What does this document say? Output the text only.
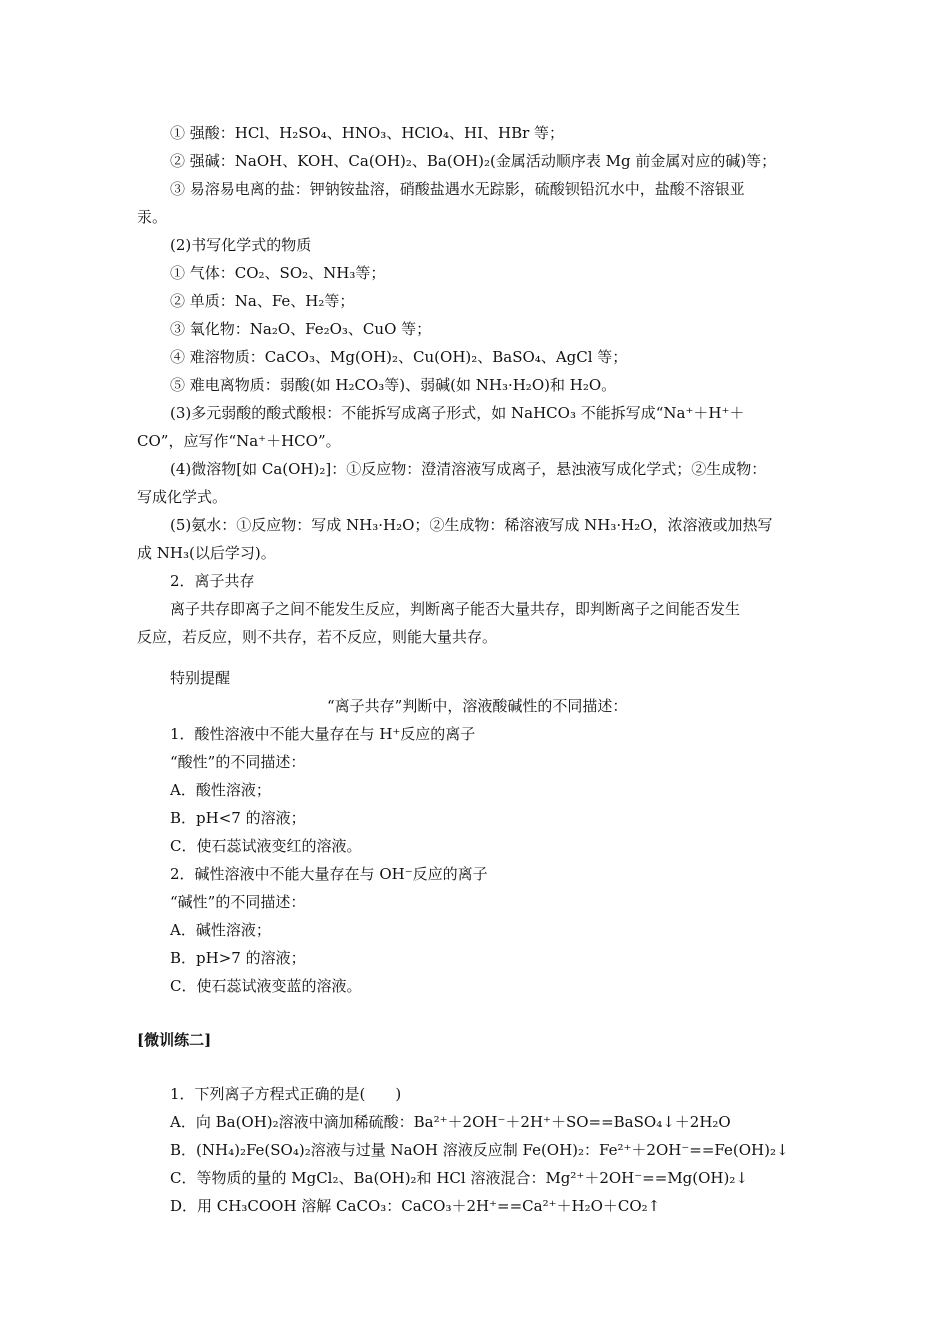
① 强酸：HCl、H₂SO₄、HNO₃、HClO₄、HI、HBr 等；
② 强碱：NaOH、KOH、Ca(OH)₂、Ba(OH)₂(金属活动顺序表 Mg 前金属对应的碱)等；
③ 易溶易电离的盐：钾钠铵盐溶，硝酸盐遇水无踪影，硫酸钡铅沉水中，盐酸不溶银亚
汞。
(2)书写化学式的物质
① 气体：CO₂、SO₂、NH₃等；
② 单质：Na、Fe、H₂等；
③ 氧化物：Na₂O、Fe₂O₃、CuO 等；
④ 难溶物质：CaCO₃、Mg(OH)₂、Cu(OH)₂、BaSO₄、AgCl 等；
⑤ 难电离物质：弱酸(如 H₂CO₃等)、弱碱(如 NH₃·H₂O)和 H₂O。
(3)多元弱酸的酸式酸根：不能拆写成离子形式，如 NaHCO₃ 不能拆写成“Na⁺＋H⁺＋
CO”，应写作“Na⁺＋HCO”。
(4)微溶物[如 Ca(OH)₂]：①反应物：澄清溶液写成离子，悬浊液写成化学式；②生成物：
写成化学式。
(5)氨水：①反应物：写成 NH₃·H₂O；②生成物：稀溶液写成 NH₃·H₂O，浓溶液或加热写
成 NH₃(以后学习)。
2．离子共存
离子共存即离子之间不能发生反应，判断离子能否大量共存，即判断离子之间能否发生
反应，若反应，则不共存，若不反应，则能大量共存。
特别提醒
“离子共存”判断中，溶液酸碱性的不同描述：
1．酸性溶液中不能大量存在与 H⁺反应的离子
“酸性”的不同描述：
A．酸性溶液；
B．pH<7 的溶液；
C．使石蕊试液变红的溶液。
2．碱性溶液中不能大量存在与 OH⁻反应的离子
“碱性”的不同描述：
A．碱性溶液；
B．pH>7 的溶液；
C．使石蕊试液变蓝的溶液。
[微训练二]
1．下列离子方程式正确的是(　　)
A．向 Ba(OH)₂溶液中滴加稀硫酸：Ba²⁺＋2OH⁻＋2H⁺＋SO==BaSO₄↓＋2H₂O
B．(NH₄)₂Fe(SO₄)₂溶液与过量 NaOH 溶液反应制 Fe(OH)₂：Fe²⁺＋2OH⁻==Fe(OH)₂↓
C．等物质的量的 MgCl₂、Ba(OH)₂和 HCl 溶液混合：Mg²⁺＋2OH⁻==Mg(OH)₂↓
D．用 CH₃COOH 溶解 CaCO₃：CaCO₃＋2H⁺==Ca²⁺＋H₂O＋CO₂↑
